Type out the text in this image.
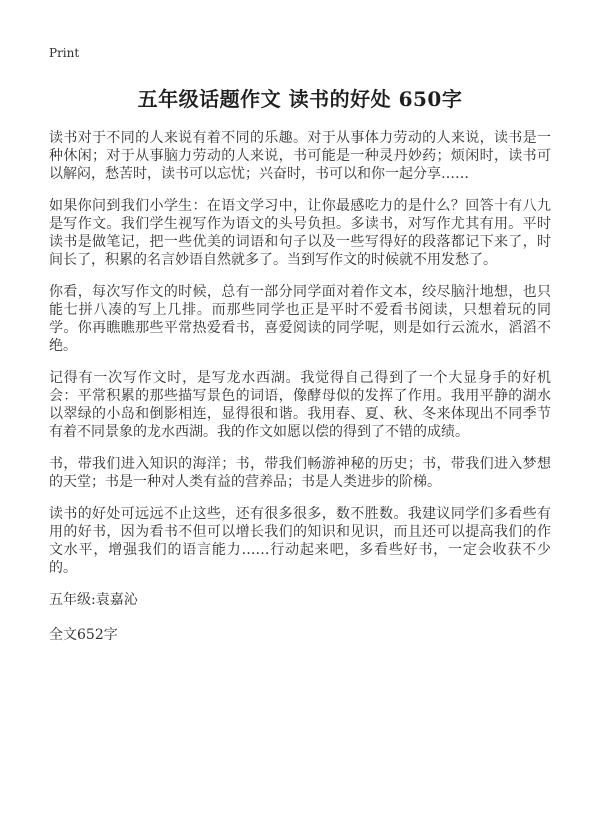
Print
五年级话题作文 读书的好处 650字

读书对于不同的人来说有着不同的乐趣。对于从事体力劳动的人来说，读书是一种休闲；对于从事脑力劳动的人来说，书可能是一种灵丹妙药；烦闲时，读书可以解闷，愁苦时，读书可以忘忧；兴奋时，书可以和你一起分享……

如果你问到我们小学生：在语文学习中，让你最感吃力的是什么？回答十有八九是写作文。我们学生视写作为语文的头号负担。多读书，对写作尤其有用。平时读书是做笔记，把一些优美的词语和句子以及一些写得好的段落都记下来了，时间长了，积累的名言妙语自然就多了。当到写作文的时候就不用发愁了。

你看，每次写作文的时候，总有一部分同学面对着作文本，绞尽脑汁地想，也只能七拼八凑的写上几排。而那些同学也正是平时不爱看书阅读，只想着玩的同学。你再瞧瞧那些平常热爱看书，喜爱阅读的同学呢，则是如行云流水，滔滔不绝。

记得有一次写作文时，是写龙水西湖。我觉得自己得到了一个大显身手的好机会：平常积累的那些描写景色的词语，像酵母似的发挥了作用。我用平静的湖水以翠绿的小岛和倒影相连，显得很和谐。我用春、夏、秋、冬来体现出不同季节有着不同景象的龙水西湖。我的作文如愿以偿的得到了不错的成绩。

书，带我们进入知识的海洋；书，带我们畅游神秘的历史；书，带我们进入梦想的天堂；书是一种对人类有益的营养品；书是人类进步的阶梯。

读书的好处可远远不止这些，还有很多很多，数不胜数。我建议同学们多看些有用的好书，因为看书不但可以增长我们的知识和见识，而且还可以提高我们的作文水平，增强我们的语言能力……行动起来吧，多看些好书，一定会收获不少的。

五年级:袁嘉沁

全文652字
